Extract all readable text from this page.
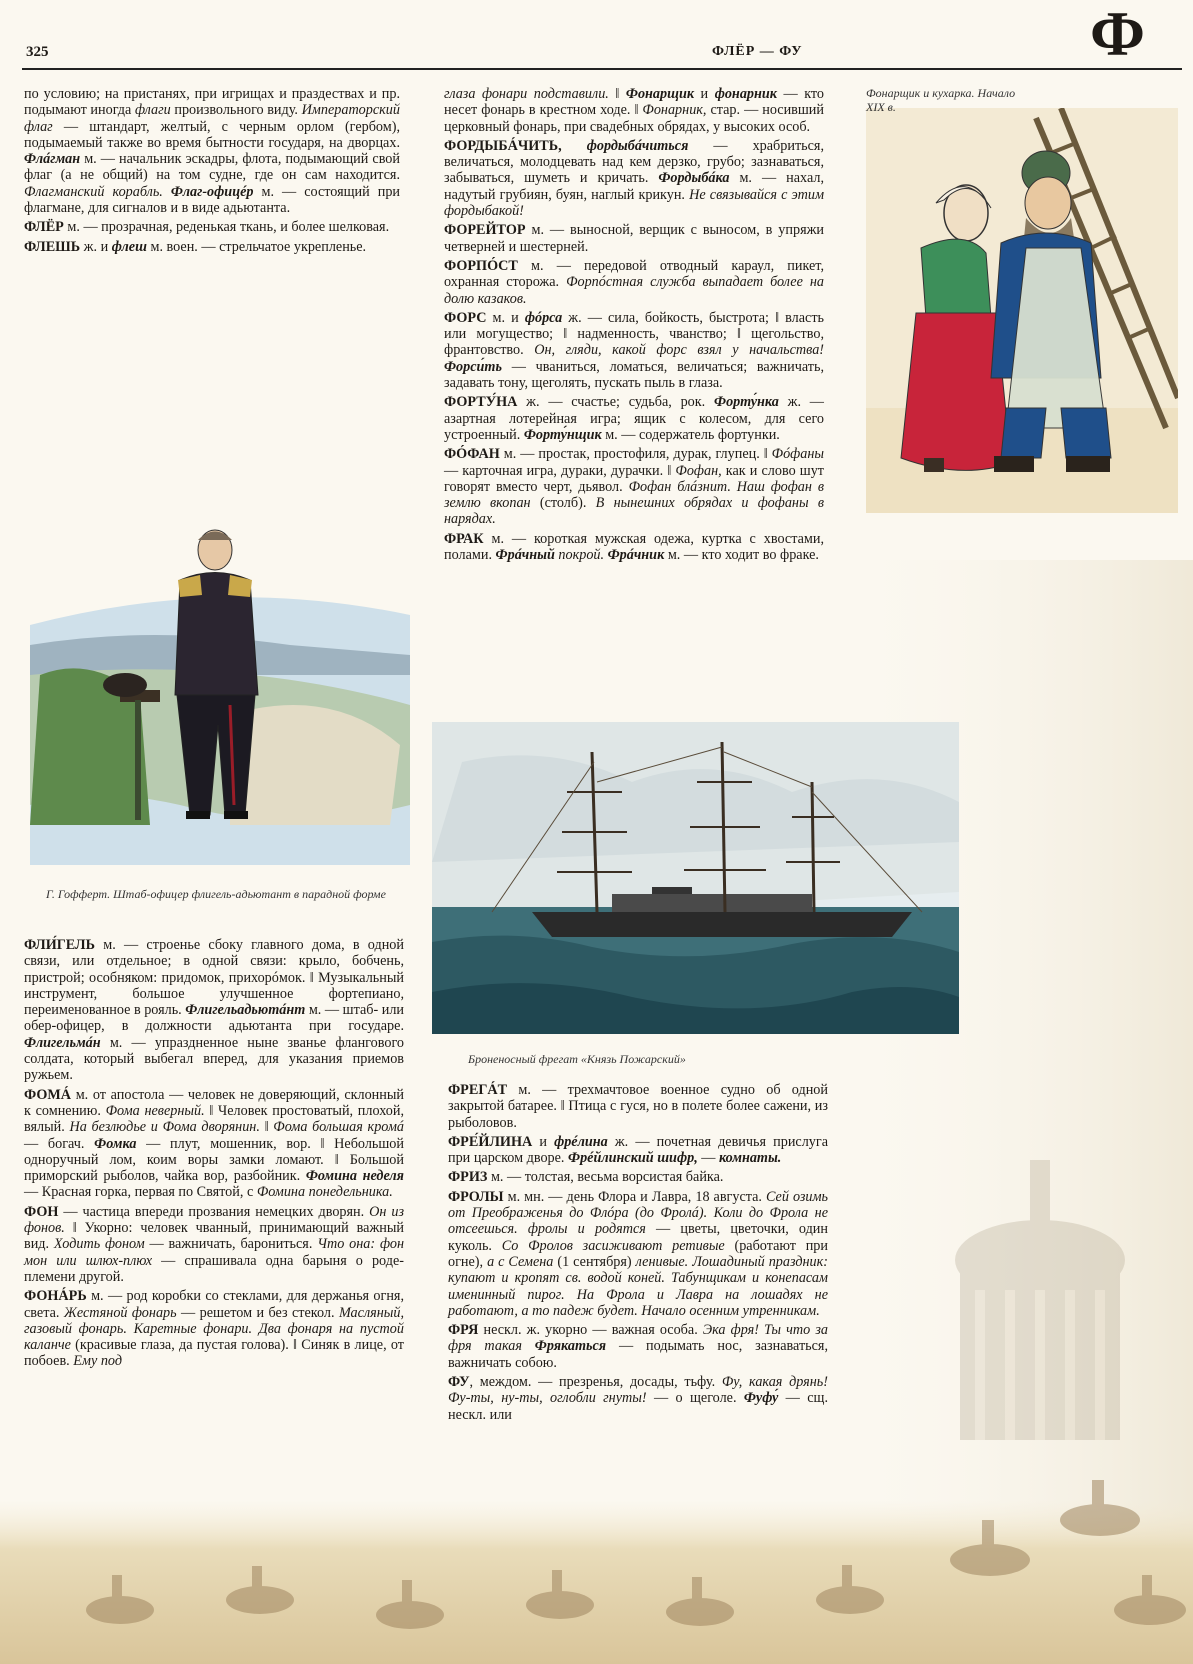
325	ФЛЁР — ФУ	Ф

по условию; на пристанях, при игрищах и праздествах и пр. подымают иногда флаги произвольного виду. Императорский флаг — штандарт, желтый, с черным орлом (гербом), подымаемый также во время бытности государя, на дворцах. Флáгман м. — начальник эскадры, флота, подымающий свой флаг (а не общий) на том судне, где он сам находится. Флагманский корабль. Флаг-офицéр м. — состоящий при флагмане, для сигналов и в виде адьютанта.

ФЛЁР м. — прозрачная, реденькая ткань, и более шелковая.

ФЛЕШЬ ж. и флеш м. воен. — стрельчатое укрепленье.

глаза фонари подставили. ‖ Фонарщик и фонарник — кто несет фонарь в крестном ходе. ‖ Фонарник, стар. — носивший церковный фонарь, при свадебных обрядах, у высоких особ.

ФОРДЫБÁЧИТЬ, фордыбáчиться — храбриться, величаться, молодцевать над кем дерзко, грубо; зазнаваться, забываться, шуметь и кричать. Фордыбáка м. — нахал, надутый грубиян, буян, наглый крикун. Не связывайся с этим фордыбакой!

ФОРЕЙТОР м. — выносной, верщик с выносом, в упряжи четверней и шестерней.

ФОРПÓСТ м. — передовой отводный караул, пикет, охранная сторожа. Форпóстная служба выпадает более на долю казаков.

ФОРС м. и фóрса ж. — сила, бойкость, быстрота; ‖ власть или могущество; ‖ надменность, чванство; ‖ щегольство, франтовство. Он, гляди, какой форс взял у начальства! Форси́ть — чваниться, ломаться, величаться; важничать, задавать тону, щеголять, пускать пыль в глаза.

ФОРТУ́НА ж. — счастье; судьба, рок. Форту́нка ж. — азартная лотерейная игра; ящик с колесом, для сего устроенный. Форту́нщик м. — содержатель фортунки.

ФÓФАН м. — простак, простофиля, дурак, глупец. ‖ Фóфаны — карточная игра, дураки, дурачки. ‖ Фофан, как и слово шут говорят вместо черт, дьявол. Фофан блáзнит. Наш фофан в землю вкопан (столб). В нынешних обрядах и фофаны в нарядах.

ФРАК м. — короткая мужская одежа, куртка с хвостами, полами. Фрáчный покрой. Фрáчник м. — кто ходит во фраке.

ФЛИ́ГЕЛЬ м. — строенье сбоку главного дома, в одной связи, или отдельное; в одной связи: крыло, бобчень, пристрой; особняком: придомок, прихорóмок. ‖ Музыкальный инструмент, большое улучшенное фортепиано, переименованное в рояль. Флигельадьютáнт м. — штаб- или обер-офицер, в должности адьютанта при государе. Флигельмáн м. — упраздненное ныне званье флангового солдата, который выбегал вперед, для указания приемов ружьем.

ФОМÁ м. от апостола — человек не доверяющий, склонный к сомнению. Фома неверный. ‖ Человек простоватый, плохой, вялый. На безлюдье и Фома дворянин. ‖ Фома большая кромá — богач. Фомка — плут, мошенник, вор. ‖ Небольшой одноручный лом, коим воры замки ломают. ‖ Большой приморский рыболов, чайка вор, разбойник. Фомина неделя — Красная горка, первая по Святой, с Фомина понедельника.

ФОН — частица впереди прозвания немецких дворян. Он из фонов. ‖ Укорно: человек чванный, принимающий важный вид. Ходить фоном — важничать, барониться. Что она: фон мон или шлюх-плюх — спрашивала одна барыня о роде-племени другой.

ФОНÁРЬ м. — род коробки со стеклами, для держанья огня, света. Жестяной фонарь — решетом и без стекол. Масляный, газовый фонарь. Каретные фонари. Два фонаря на пустой каланче (красивые глаза, да пустая голова). ‖ Синяк в лице, от побоев. Ему под

ФРЕГÁТ м. — трехмачтовое военное судно об одной закрытой батарее. ‖ Птица с гуся, но в полете более сажени, из рыболовов.

ФРЕ́ЙЛИНА и фрéлина ж. — почетная девичья прислуга при царском дворе. Фрéйлинский шифр, — комнаты.

ФРИЗ м. — толстая, весьма ворсистая байка.

ФРОЛЫ м. мн. — день Флора и Лавра, 18 августа. Сей озимь от Преображенья до Флóра (до Фролá). Коли до Фрола не отсеешься. фролы и родятся — цветы, цветочки, один куколь. Со Фролов засиживают ретивые (работают при огне), а с Семена (1 сентября) ленивые. Лошадиный праздник: купают и кропят св. водой коней. Табунщикам и конепасам именинный пирог. На Фрола и Лавра на лошадях не работают, а то падеж будет. Начало осенним утренникам.

ФРЯ нескл. ж. укорно — важная особа. Эка фря! Ты что за фря такая Фрякаться — подымать нос, зазнаваться, важничать собою.

ФУ, междом. — презренья, досады, тьфу. Фу, какая дрянь! Фу-ты, ну-ты, оглобли гнуты! — о щеголе. Фуфу́ — сщ. нескл. или

Фонарщик и кухарка. Начало XIX в.
Г. Гофферт. Штаб-офицер флигель-адьютант в парадной форме
Броненосный фрегат «Князь Пожарский»
